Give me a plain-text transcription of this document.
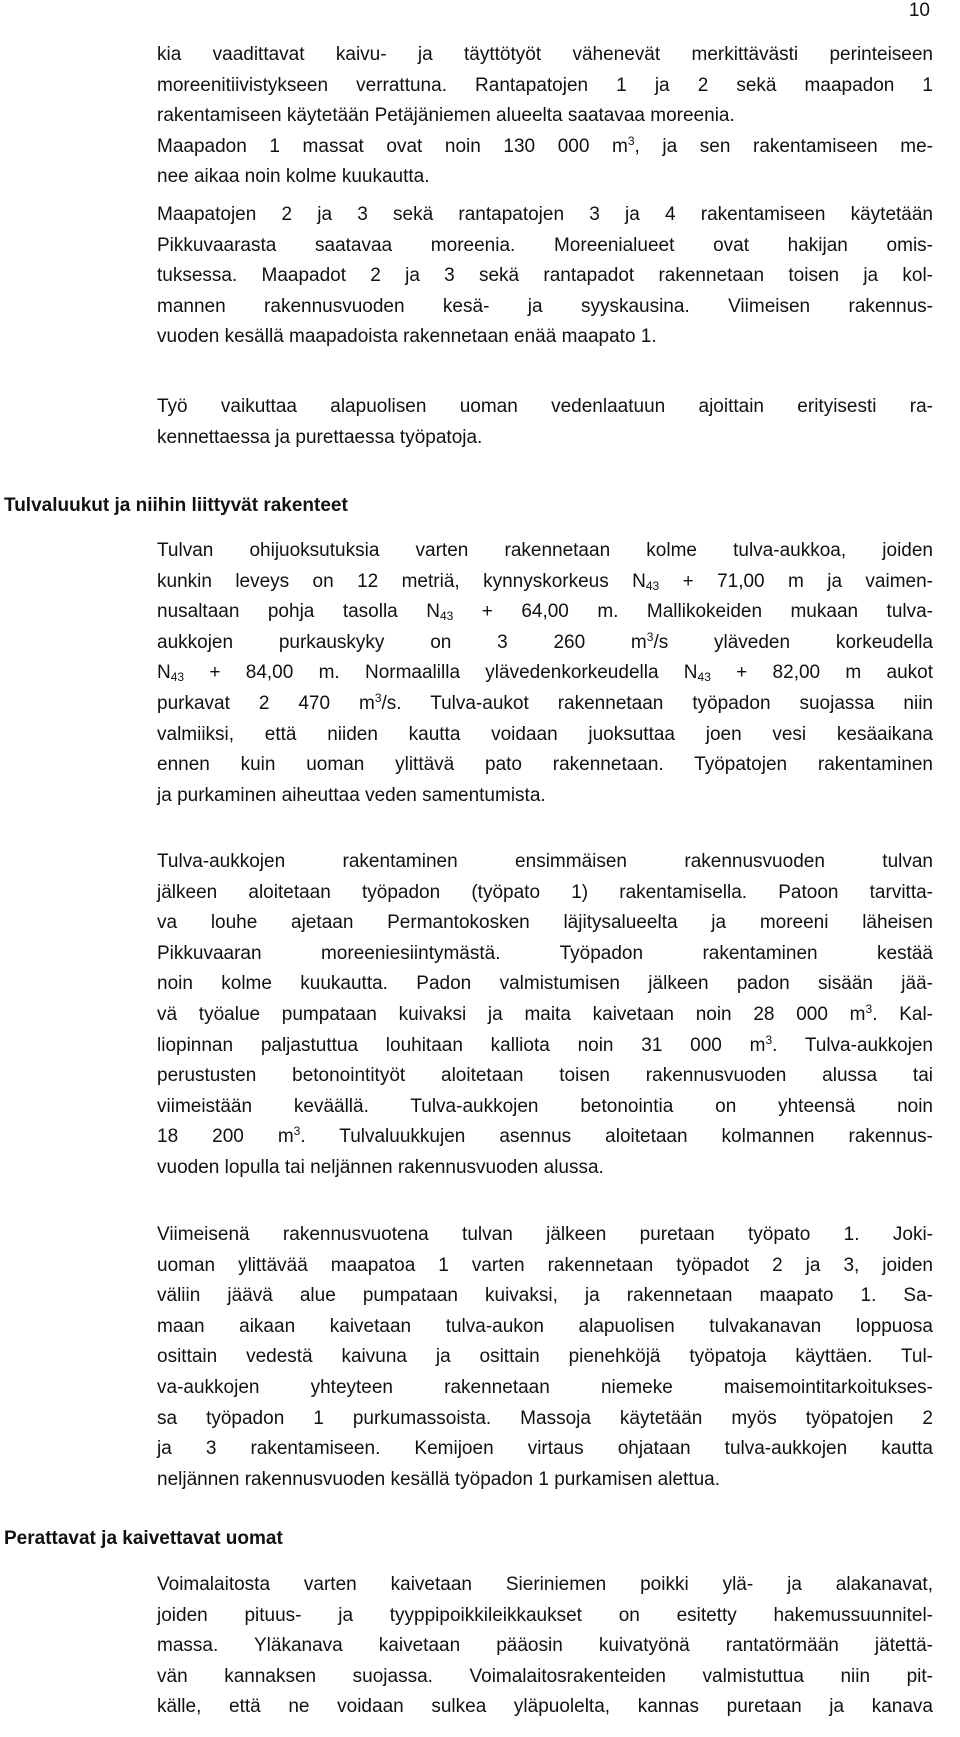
10
kia vaadittavat kaivu- ja täyttötyöt vähenevät merkittävästi perinteiseen
moreenitiivistykseen verrattuna. Rantapatojen 1 ja 2 sekä maapadon 1
rakentamiseen käytetään Petäjäniemen alueelta saatavaa moreenia.
Maapadon 1 massat ovat noin 130 000 $m^3$, ja sen rakentamiseen me-
nee aikaa noin kolme kuukautta.
Maapatojen 2 ja 3 sekä rantapatojen 3 ja 4 rakentamiseen käytetään
Pikkuvaarasta saatavaa moreenia. Moreenialueet ovat hakijan omis-
tuksessa. Maapadot 2 ja 3 sekä rantapadot rakennetaan toisen ja kol-
mannen rakennusvuoden kesä- ja syyskausina. Viimeisen rakennus-
vuoden kesällä maapadoista rakennetaan enää maapato 1.
Työ vaikuttaa alapuolisen uoman vedenlaatuun ajoittain erityisesti ra-
kennettaessa ja purettaessa työpatoja.
Tulvaluukut ja niihin liittyvät rakenteet
Tulvan ohijuoksutuksia varten rakennetaan kolme tulva-aukkoa, joiden
kunkin leveys on 12 metriä, kynnyskorkeus $N_{43} + 71,00$ m ja vaimen-
nusaltaan pohja tasolla $N_{43} + 64,00$ m. Mallikokeiden mukaan tulva-
aukkojen purkauskyky on 3 260 $m^3/s$ yläveden korkeudella
$N_{43} + 84,00$ m. Normaalilla ylävedenkorkeudella $N_{43} + 82,00$ m aukot
purkavat 2 470 $m^3/s$. Tulva-aukot rakennetaan työpadon suojassa niin
valmiiksi, että niiden kautta voidaan juoksuttaa joen vesi kesäaikana
ennen kuin uoman ylittävä pato rakennetaan. Työpatojen rakentaminen
ja purkaminen aiheuttaa veden samentumista.
Tulva-aukkojen rakentaminen ensimmäisen rakennusvuoden tulvan
jälkeen aloitetaan työpadon (työpato 1) rakentamisella. Patoon tarvitta-
va louhe ajetaan Permantokosken läjitysalueelta ja moreeni läheisen
Pikkuvaaran moreeniesiintymästä. Työpadon rakentaminen kestää
noin kolme kuukautta. Padon valmistumisen jälkeen padon sisään jää-
vä työalue pumpataan kuivaksi ja maita kaivetaan noin 28 000 $m^3$. Kal-
liopinnan paljastuttua louhitaan kalliota noin 31 000 $m^3$. Tulva-aukkojen
perustusten betonointityöt aloitetaan toisen rakennusvuoden alussa tai
viimeistään keväällä. Tulva-aukkojen betonointia on yhteensä noin
18 200 $m^3$. Tulvaluukkujen asennus aloitetaan kolmannen rakennus-
vuoden lopulla tai neljännen rakennusvuoden alussa.
Viimeisenä rakennusvuotena tulvan jälkeen puretaan työpato 1. Joki-
uoman ylittävää maapatoa 1 varten rakennetaan työpadot 2 ja 3, joiden
väliin jäävä alue pumpataan kuivaksi, ja rakennetaan maapato 1. Sa-
maan aikaan kaivetaan tulva-aukon alapuolisen tulvakanavan loppuosa
osittain vedestä kaivuna ja osittain pienehköjä työpatoja käyttäen. Tul-
va-aukkojen yhteyteen rakennetaan niemeke maisemointitarkoitukses-
sa työpadon 1 purkumassoista. Massoja käytetään myös työpatojen 2
ja 3 rakentamiseen. Kemijoen virtaus ohjataan tulva-aukkojen kautta
neljännen rakennusvuoden kesällä työpadon 1 purkamisen alettua.
Perattavat ja kaivettavat uomat
Voimalaitosta varten kaivetaan Sieriniemen poikki ylä- ja alakanavat,
joiden pituus- ja tyyppipoikkileikkaukset on esitetty hakemussuunnitel-
massa. Yläkanava kaivetaan pääosin kuivatyönä rantatörmään jätettä-
vän kannaksen suojassa. Voimalaitosrakenteiden valmistuttua niin pit-
källe, että ne voidaan sulkea yläpuolelta, kannas puretaan ja kanava
